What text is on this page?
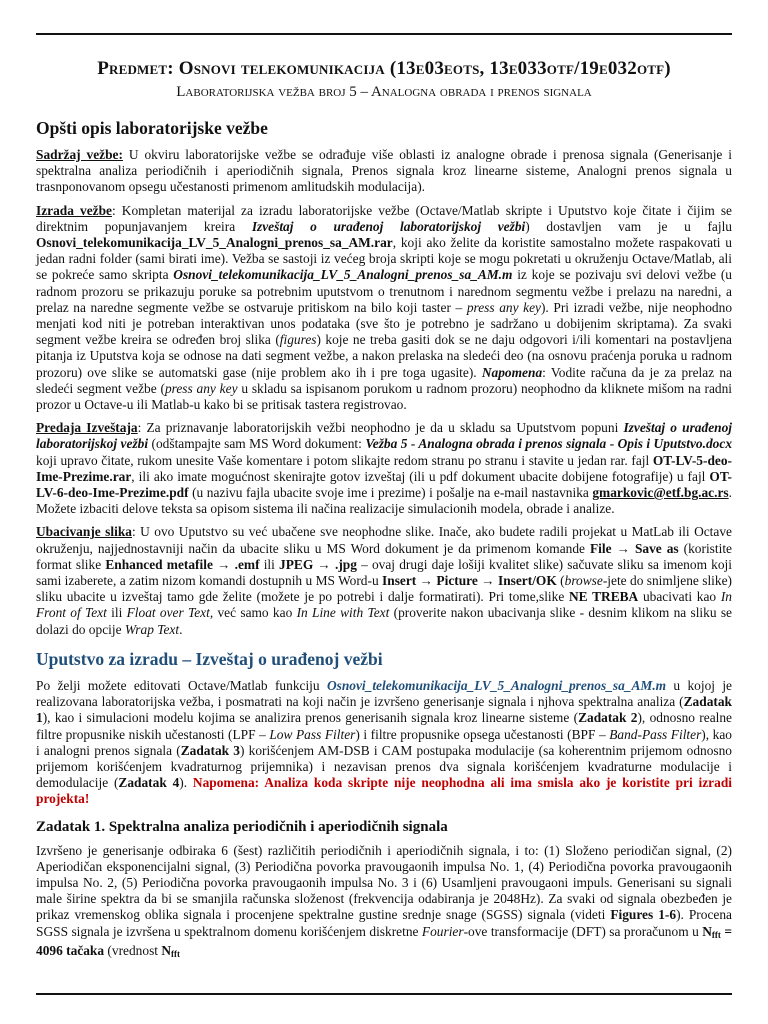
Predmet: Osnovi telekomunikacija (13e03eots, 13e033otf/19e032otf)
Laboratorijska vežba broj 5 – Analogna obrada i prenos signala
Opšti opis laboratorijske vežbe

Sadržaj vežbe: U okviru laboratorijske vežbe se odrađuje više oblasti iz analogne obrade i prenosa signala (Generisanje i spektralna analiza periodičnih i aperiodičnih signala, Prenos signala kroz linearne sisteme, Analogni prenos signala u trasnponovanom opsegu učestanosti primenom amlitudskih modulacija).

Izrada vežbe: Kompletan materijal za izradu laboratorijske vežbe (Octave/Matlab skripte i Uputstvo koje čitate i čijim se direktnim popunjavanjem kreira Izveštaj o urađenoj laboratorijskoj vežbi) dostavljen vam je u fajlu Osnovi_telekomunikacija_LV_5_Analogni_prenos_sa_AM.rar, koji ako želite da koristite samostalno možete raspakovati u jedan radni folder (sami birati ime). Vežba se sastoji iz većeg broja skripti koje se mogu pokretati u okruženju Octave/Matlab, ali se pokreće samo skripta Osnovi_telekomunikacija_LV_5_Analogni_prenos_sa_AM.m iz koje se pozivaju svi delovi vežbe (u radnom prozoru se prikazuju poruke sa potrebnim uputstvom o trenutnom i narednom segmentu vežbe i prelazu na naredni, a prelaz na naredne segmente vežbe se ostvaruje pritiskom na bilo koji taster – press any key). Pri izradi vežbe, nije neophodno menjati kod niti je potreban interaktivan unos podataka (sve što je potrebno je sadržano u dobijenim skriptama). Za svaki segment vežbe kreira se određen broj slika (figures) koje ne treba gasiti dok se ne daju odgovori i/ili komentari na postavljena pitanja iz Uputstva koja se odnose na dati segment vežbe, a nakon prelaska na sledeći deo (na osnovu praćenja poruka u radnom prozoru) ove slike se automatski gase (nije problem ako ih i pre toga ugasite). Napomena: Vodite računa da je za prelaz na sledeći segment vežbe (press any key u skladu sa ispisanom porukom u radnom prozoru) neophodno da kliknete mišom na radni prozor u Octave-u ili Matlab-u kako bi se pritisak tastera registrovao.

Predaja Izveštaja: Za priznavanje laboratorijskih vežbi neophodno je da u skladu sa Uputstvom popuni Izveštaj o urađenoj laboratorijskoj vežbi (odštampajte sam MS Word dokument: Vežba 5 - Analogna obrada i prenos signala - Opis i Uputstvo.docx koji upravo čitate, rukom unesite Vaše komentare i potom slikajte redom stranu po stranu i stavite u jedan rar. fajl OT-LV-5-deo-Ime-Prezime.rar, ili ako imate mogućnost skenirajte gotov izveštaj (ili u pdf dokument ubacite dobijene fotografije) u fajl OT-LV-6-deo-Ime-Prezime.pdf (u nazivu fajla ubacite svoje ime i prezime) i pošalje na e-mail nastavnika gmarkovic@etf.bg.ac.rs. Možete izbaciti delove teksta sa opisom sistema ili načina realizacije simulacionih modela, obrade i analize.

Ubacivanje slika: U ovo Uputstvo su već ubačene sve neophodne slike. Inače, ako budete radili projekat u MatLab ili Octave okruženju, najjednostavniji način da ubacite sliku u MS Word dokument je da primenom komande File → Save as (koristite format slike Enhanced metafile → .emf ili JPEG → .jpg – ovaj drugi daje lošiji kvalitet slike) sačuvate sliku sa imenom koji sami izaberete, a zatim nizom komandi dostupnih u MS Word-u Insert → Picture → Insert/OK (browse-jete do snimljene slike) sliku ubacite u izveštaj tamo gde želite (možete je po potrebi i dalje formatirati). Pri tome,slike NE TREBA ubacivati kao In Front of Text ili Float over Text, već samo kao In Line with Text (proverite nakon ubacivanja slike - desnim klikom na sliku se dolazi do opcije Wrap Text.

Uputstvo za izradu – Izveštaj o urađenoj vežbi

Po želji možete editovati Octave/Matlab funkciju Osnovi_telekomunikacija_LV_5_Analogni_prenos_sa_AM.m u kojoj je realizovana laboratorijska vežba, i posmatrati na koji način je izvršeno generisanje signala i njhova spektralna analiza (Zadatak 1), kao i simulacioni modelu kojima se analizira prenos generisanih signala kroz linearne sisteme (Zadatak 2), odnosno realne filtre propusnike niskih učestanosti (LPF – Low Pass Filter) i filtre propusnike opsega učestanosti (BPF – Band-Pass Filter), kao i analogni prenos signala (Zadatak 3) korišćenjem AM-DSB i CAM postupaka modulacije (sa koherentnim prijemom odnosno prijemom korišćenjem kvadraturnog prijemnika) i nezavisan prenos dva signala korišćenjem kvadraturne modulacije i demodulacije (Zadatak 4). Napomena: Analiza koda skripte nije neophodna ali ima smisla ako je koristite pri izradi projekta!

Zadatak 1. Spektralna analiza periodičnih i aperiodičnih signala

Izvršeno je generisanje odbiraka 6 (šest) različitih periodičnih i aperiodičnih signala, i to: (1) Složeno periodičan signal, (2) Aperiodičan eksponencijalni signal, (3) Periodična povorka pravougaonih impulsa No. 1, (4) Periodična povorka pravougaonih impulsa No. 2, (5) Periodična povorka pravougaonih impulsa No. 3 i (6) Usamljeni pravougaoni impuls. Generisani su signali male širine spektra da bi se smanjila računska složenost (frekvencija odabiranja je 2048Hz). Za svaki od signala obezbeđen je prikaz vremenskog oblika signala i procenjene spektralne gustine srednje snage (SGSS) signala (videti Figures 1-6). Procena SGSS signala je izvršena u spektralnom domenu korišćenjem diskretne Fourier-ove transformacije (DFT) sa proračunom u $N_{fft} = 4096$ tačaka (vrednost $N_{fft}$
